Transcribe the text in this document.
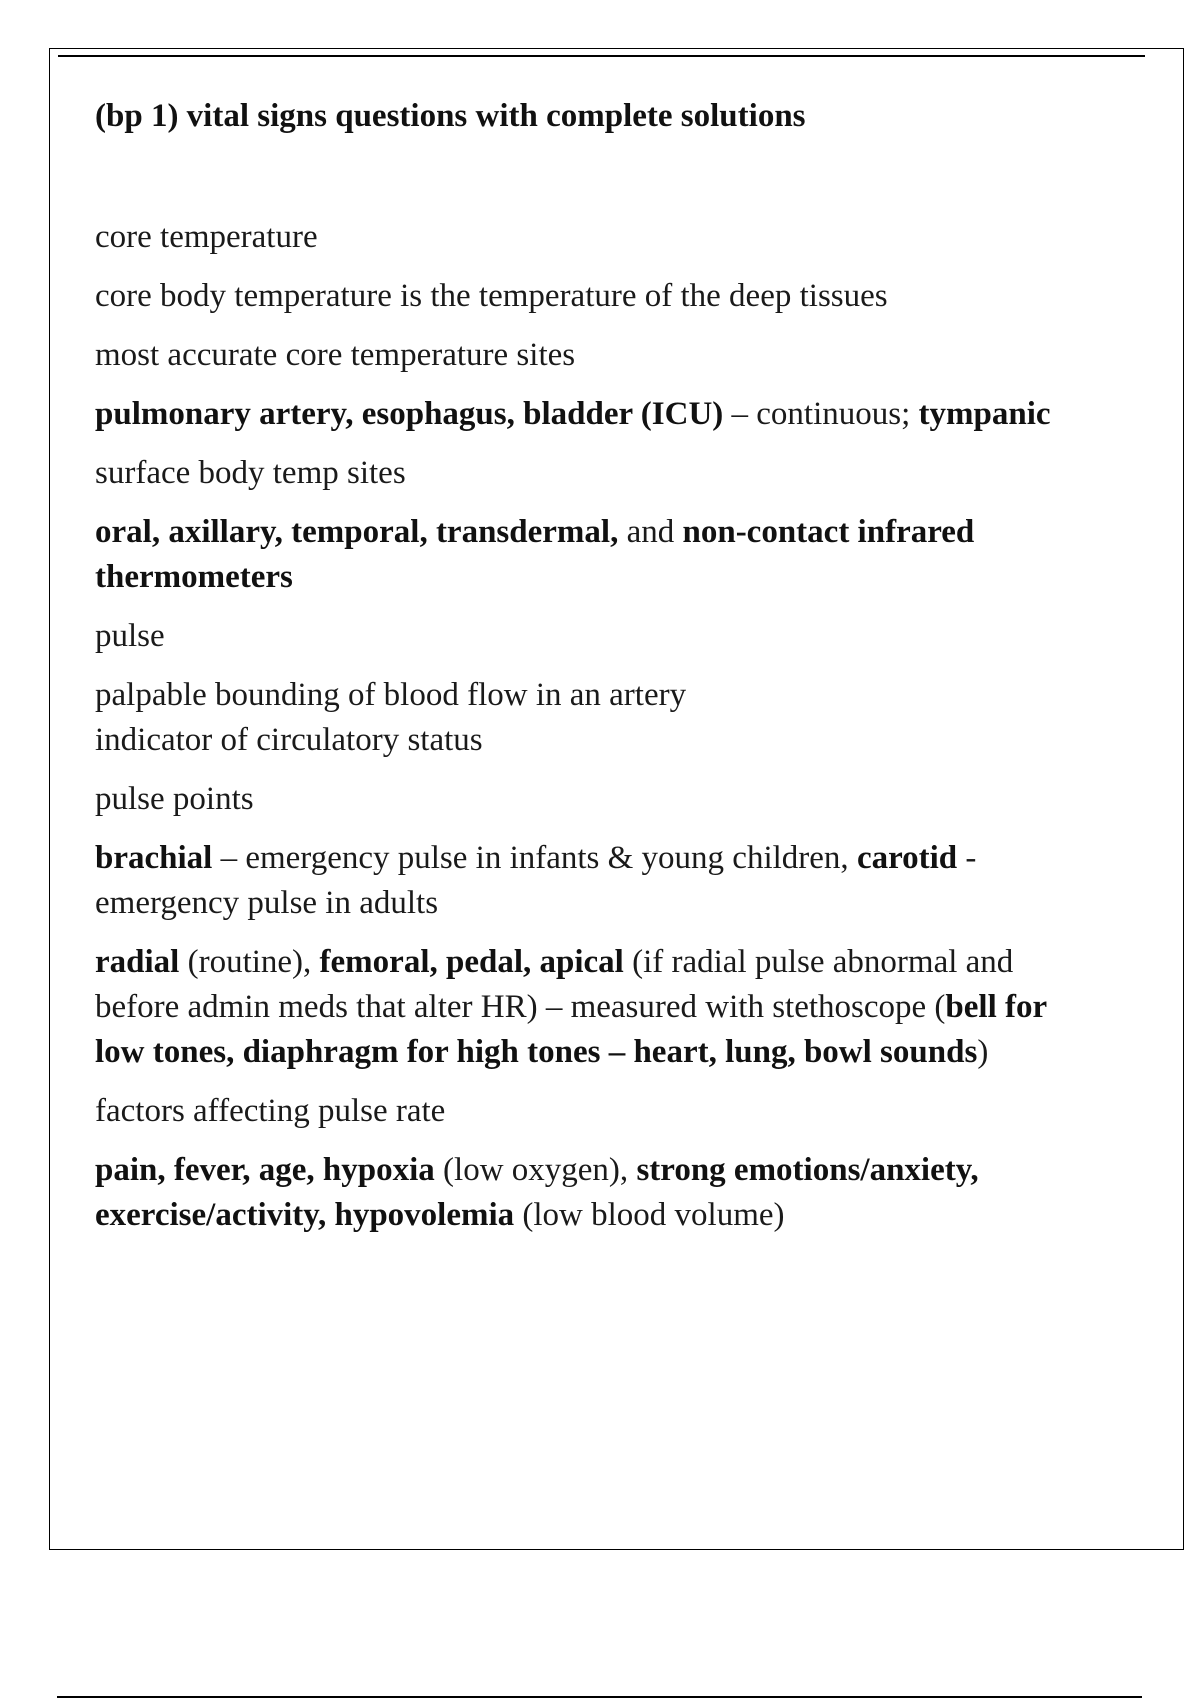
(bp 1) vital signs questions with complete solutions
core temperature
core body temperature is the temperature of the deep tissues
most accurate core temperature sites
pulmonary artery, esophagus, bladder (ICU) – continuous; tympanic
surface body temp sites
oral, axillary, temporal, transdermal, and non-contact infrared thermometers
pulse
palpable bounding of blood flow in an artery
indicator of circulatory status
pulse points
brachial – emergency pulse in infants & young children, carotid - emergency pulse in adults
radial (routine), femoral, pedal, apical (if radial pulse abnormal and before admin meds that alter HR) – measured with stethoscope (bell for low tones, diaphragm for high tones – heart, lung, bowl sounds)
factors affecting pulse rate
pain, fever, age, hypoxia (low oxygen), strong emotions/anxiety, exercise/activity, hypovolemia (low blood volume)
